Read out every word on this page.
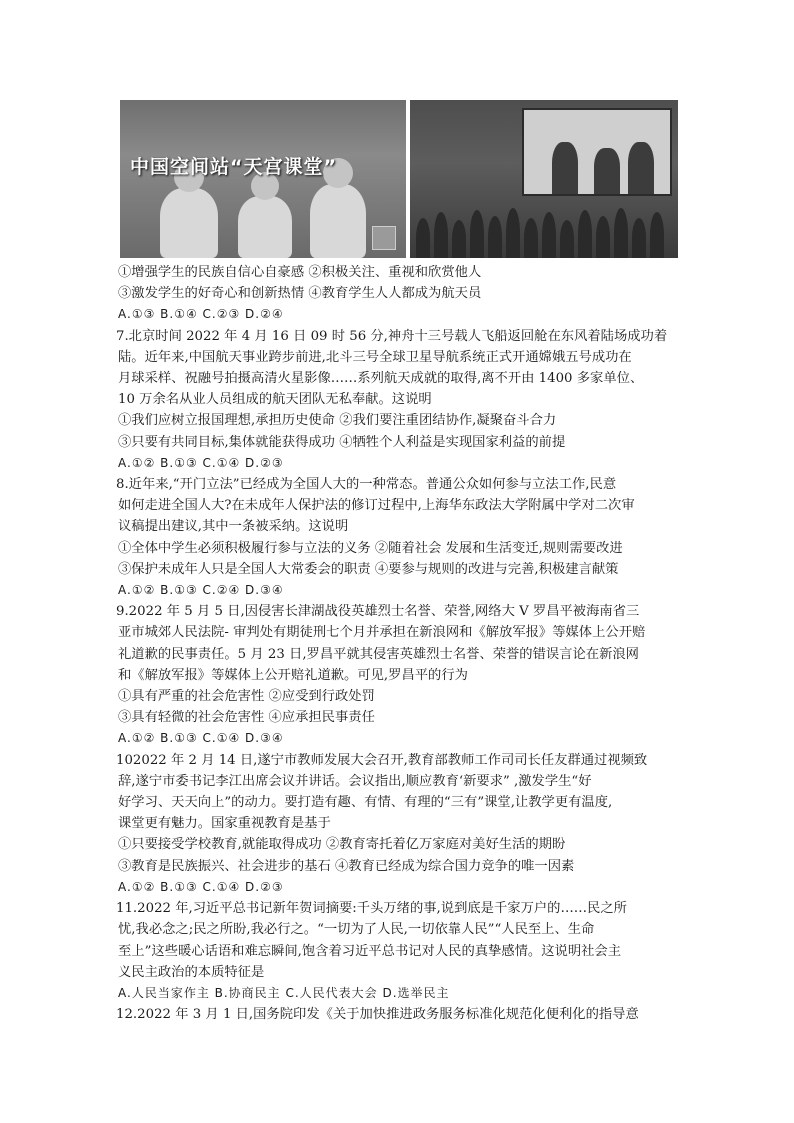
中国空间站“天宫课堂”
①增强学生的民族自信心自豪感 ②积极关注、重视和欣赏他人
③激发学生的好奇心和创新热情 ④教育学生人人都成为航天员
A.①③ B.①④ C.②③ D.②④
7.北京时间 2022 年 4 月 16 日 09 时 56 分,神舟十三号载人飞船返回舱在东风着陆场成功着
陆。近年来,中国航天事业跨步前进,北斗三号全球卫星导航系统正式开通嫦娥五号成功在
月球采样、祝融号拍摄高清火星影像……系列航天成就的取得,离不开由 1400 多家单位、
10 万余名从业人员组成的航天团队无私奉献。这说明
①我们应树立报国理想,承担历史使命 ②我们要注重团结协作,凝聚奋斗合力
③只要有共同目标,集体就能获得成功 ④牺牲个人利益是实现国家利益的前提
A.①② B.①③ C.①④ D.②③
8.近年来,“开门立法”已经成为全国人大的一种常态。普通公众如何参与立法工作,民意
如何走进全国人大?在未成年人保护法的修订过程中,上海华东政法大学附属中学对二次审
议稿提出建议,其中一条被采纳。这说明
①全体中学生必须积极履行参与立法的义务 ②随着社会 发展和生活变迁,规则需要改进
③保护未成年人只是全国人大常委会的职责 ④要参与规则的改进与完善,积极建言献策
A.①② B.①③ C.②④ D.③④
9.2022 年 5 月 5 日,因侵害长津湖战役英雄烈士名誉、荣誉,网络大 V 罗昌平被海南省三
亚市城郊人民法院- 审判处有期徒刑七个月并承担在新浪网和《解放军报》等媒体上公开赔
礼道歉的民事责任。5 月 23 日,罗昌平就其侵害英雄烈士名誉、荣誉的错误言论在新浪网
和《解放军报》等媒体上公开赔礼道歉。可见,罗昌平的行为
①具有严重的社会危害性 ②应受到行政处罚
③具有轻微的社会危害性 ④应承担民事责任
A.①② B.①③ C.①④ D.③④
102022 年 2 月 14 日,遂宁市教师发展大会召开,教育部教师工作司司长任友群通过视频致
辞,遂宁市委书记李江出席会议并讲话。会议指出,顺应教育‘新要求” ,激发学生“好
好学习、天天向上”的动力。要打造有趣、有情、有理的“三有”课堂,让教学更有温度,
课堂更有魅力。国家重视教育是基于
①只要接受学校教育,就能取得成功 ②教育寄托着亿万家庭对美好生活的期盼
③教育是民族振兴、社会进步的基石 ④教育已经成为综合国力竞争的唯一因素
A.①② B.①③ C.①④ D.②③
11.2022 年,习近平总书记新年贺词摘要:千头万绪的事,说到底是千家万户的……民之所
忧,我必念之;民之所盼,我必行之。“一切为了人民,一切依靠人民”“人民至上、生命
至上”这些暖心话语和难忘瞬间,饱含着习近平总书记对人民的真挚感情。这说明社会主
义民主政治的本质特征是
A.人民当家作主 B.协商民主 C.人民代表大会 D.选举民主
12.2022 年 3 月 1 日,国务院印发《关于加快推进政务服务标准化规范化便利化的指导意
